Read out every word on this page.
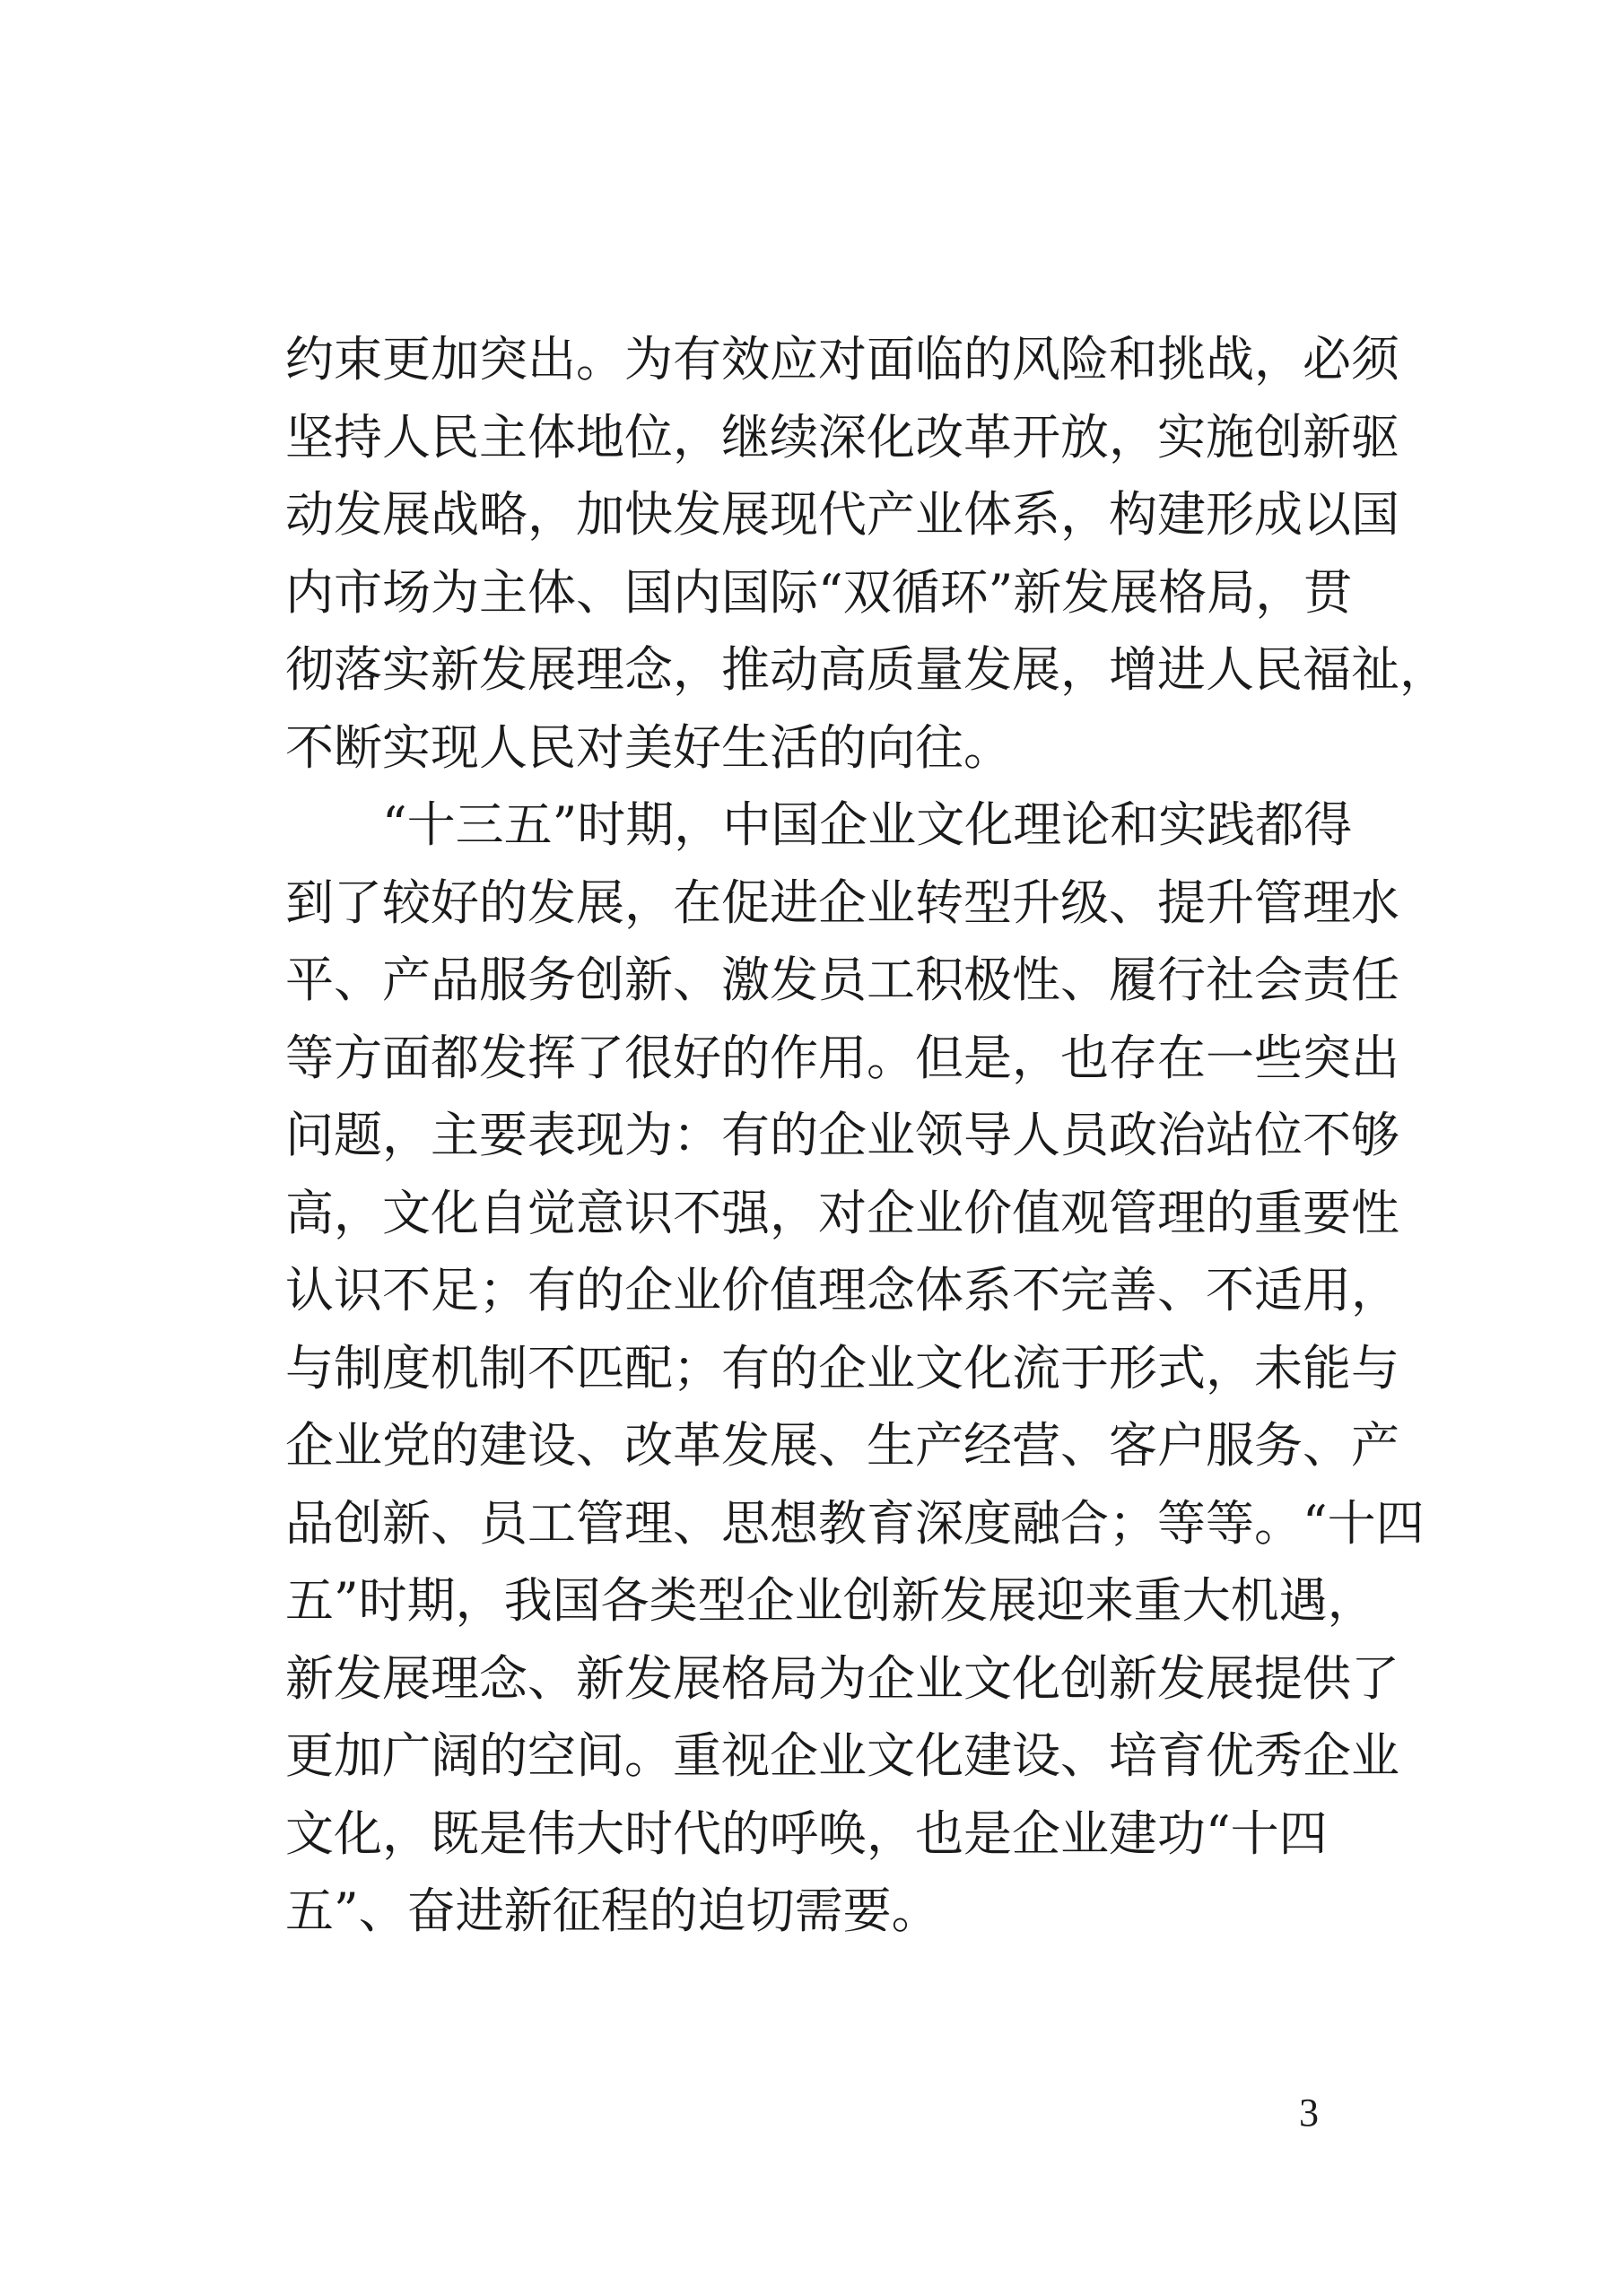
约束更加突出。为有效应对面临的风险和挑战，必须
坚持人民主体地位，继续深化改革开放，实施创新驱
动发展战略，加快发展现代产业体系，构建形成以国
内市场为主体、国内国际“双循环”新发展格局，贯
彻落实新发展理念，推动高质量发展，增进人民福祉，
不断实现人民对美好生活的向往。
“十三五”时期，中国企业文化理论和实践都得
到了较好的发展，在促进企业转型升级、提升管理水
平、产品服务创新、激发员工积极性、履行社会责任
等方面都发挥了很好的作用。但是，也存在一些突出
问题，主要表现为：有的企业领导人员政治站位不够
高，文化自觉意识不强，对企业价值观管理的重要性
认识不足；有的企业价值理念体系不完善、不适用，
与制度机制不匹配；有的企业文化流于形式，未能与
企业党的建设、改革发展、生产经营、客户服务、产
品创新、员工管理、思想教育深度融合；等等。“十四
五”时期，我国各类型企业创新发展迎来重大机遇，
新发展理念、新发展格局为企业文化创新发展提供了
更加广阔的空间。重视企业文化建设、培育优秀企业
文化，既是伟大时代的呼唤，也是企业建功“十四
五”、奋进新征程的迫切需要。
3
